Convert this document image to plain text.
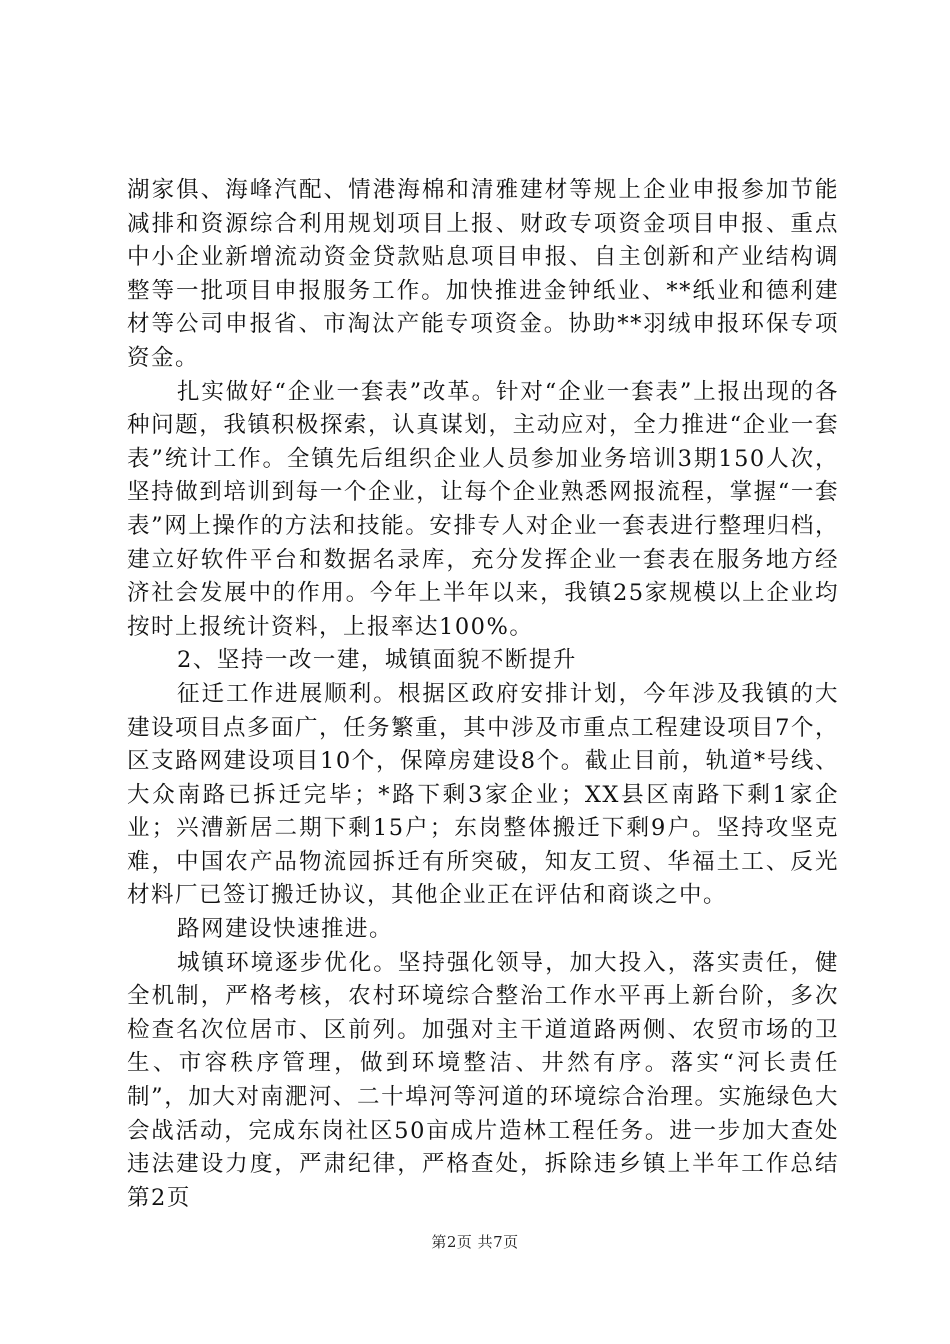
湖家俱、海峰汽配、情港海棉和清雅建材等规上企业申报参加节能减排和资源综合利用规划项目上报、财政专项资金项目申报、重点中小企业新增流动资金贷款贴息项目申报、自主创新和产业结构调整等一批项目申报服务工作。加快推进金钟纸业、**纸业和德利建材等公司申报省、市淘汰产能专项资金。协助**羽绒申报环保专项资金。

扎实做好“企业一套表”改革。针对“企业一套表”上报出现的各种问题，我镇积极探索，认真谋划，主动应对，全力推进“企业一套表”统计工作。全镇先后组织企业人员参加业务培训3期150人次，坚持做到培训到每一个企业，让每个企业熟悉网报流程，掌握“一套表”网上操作的方法和技能。安排专人对企业一套表进行整理归档，建立好软件平台和数据名录库，充分发挥企业一套表在服务地方经济社会发展中的作用。今年上半年以来，我镇25家规模以上企业均按时上报统计资料，上报率达100%。

2、坚持一改一建，城镇面貌不断提升

征迁工作进展顺利。根据区政府安排计划，今年涉及我镇的大建设项目点多面广，任务繁重，其中涉及市重点工程建设项目7个，区支路网建设项目10个，保障房建设8个。截止目前，轨道*号线、大众南路已拆迁完毕；*路下剩3家企业；XX县区南路下剩1家企业；兴漕新居二期下剩15户；东岗整体搬迁下剩9户。坚持攻坚克难，中国农产品物流园拆迁有所突破，知友工贸、华福土工、反光材料厂已签订搬迁协议，其他企业正在评估和商谈之中。

路网建设快速推进。

城镇环境逐步优化。坚持强化领导，加大投入，落实责任，健全机制，严格考核，农村环境综合整治工作水平再上新台阶，多次检查名次位居市、区前列。加强对主干道道路两侧、农贸市场的卫生、市容秩序管理，做到环境整洁、井然有序。落实“河长责任制”，加大对南淝河、二十埠河等河道的环境综合治理。实施绿色大会战活动，完成东岗社区50亩成片造林工程任务。进一步加大查处违法建设力度，严肃纪律，严格查处，拆除违乡镇上半年工作总结第2页

第2页 共7页
